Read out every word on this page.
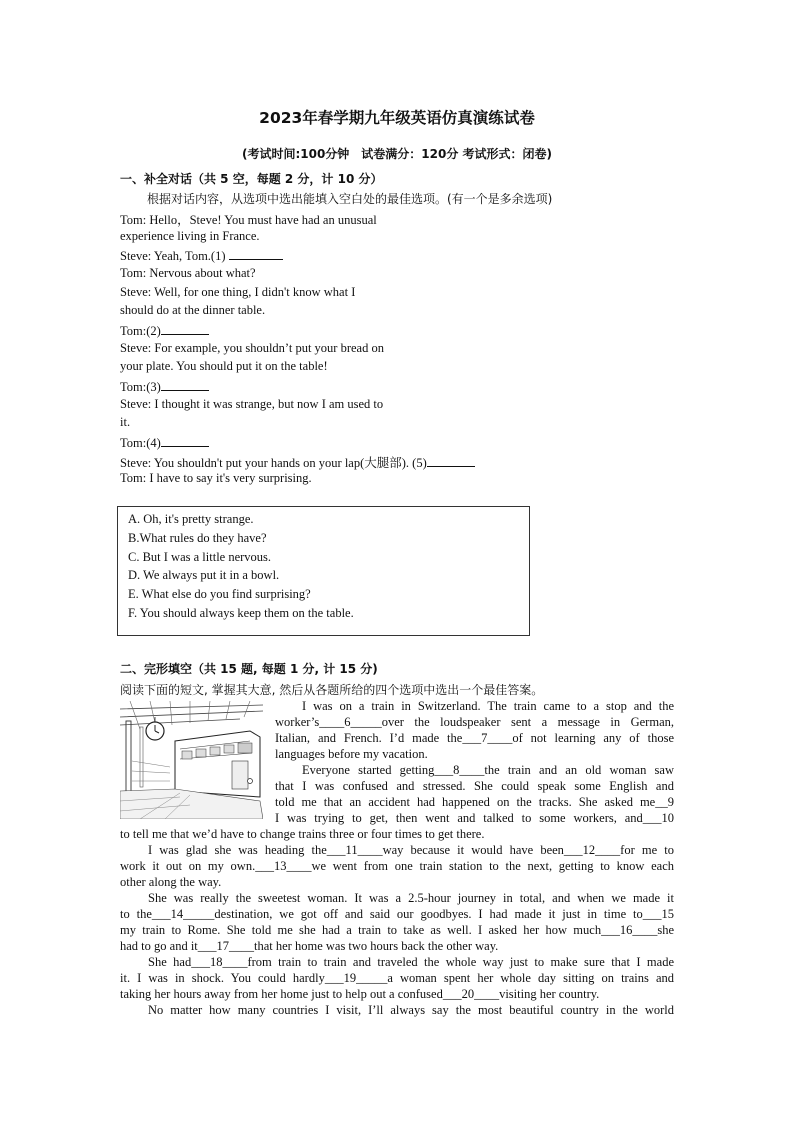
2023年春学期九年级英语仿真演练试卷
(考试时间:100分钟　试卷满分：120分 考试形式：闭卷)
一、补全对话（共 5 空，每题 2 分，计 10 分）
根据对话内容，从选项中选出能填入空白处的最佳选项。(有一个是多余选项)
Tom: Hello，Steve! You must have had an unusual
experience living in France.
Steve: Yeah, Tom.(1)
Tom: Nervous about what?
Steve: Well, for one thing, I didn't know what I
should do at the dinner table.
Tom:(2)
Steve: For example, you shouldn’t put your bread on
your plate. You should put it on the table!
Tom:(3)
Steve: I thought it was strange, but now I am used to
it.
Tom:(4)
Steve: You shouldn't put your hands on your lap(大腿部). (5)
Tom: I have to say it's very surprising.
A. Oh, it's pretty strange.
B.What rules do they have?
C. But I was a little nervous.
D. We always put it in a bowl.
E. What else do you find surprising?
F. You should always keep them on the table.
二、完形填空（共 15 题, 每题 1 分, 计 15 分)
阅读下面的短文, 掌握其大意, 然后从各题所给的四个选项中选出一个最佳答案。
I was on a train in Switzerland. The train came to a stop and the
worker’s____6_____over the loudspeaker sent a message in German,
Italian, and French. I’d made the___7____of not learning any of those
languages before my vacation.
Everyone started getting___8____the train and an old woman saw
that I was confused and stressed. She could speak some English and
told me that an accident had happened on the tracks. She asked me__9
I was trying to get, then went and talked to some workers, and___10
to tell me that we’d have to change trains three or four times to get there.
I was glad she was heading the___11____way because it would have been___12____for me to
work it out on my own.___13____we went from one train station to the next, getting to know each
other along the way.
She was really the sweetest woman. It was a 2.5-hour journey in total, and when we made it
to the___14_____destination, we got off and said our goodbyes. I had made it just in time to___15
my train to Rome. She told me she had a train to take as well. I asked her how much___16____she
had to go and it___17____that her home was two hours back the other way.
She had___18____from train to train and traveled the whole way just to make sure that I made
it. I was in shock. You could hardly___19_____a woman spent her whole day sitting on trains and
taking her hours away from her home just to help out a confused___20____visiting her country.
No matter how many countries I visit, I’ll always say the most beautiful country in the world
